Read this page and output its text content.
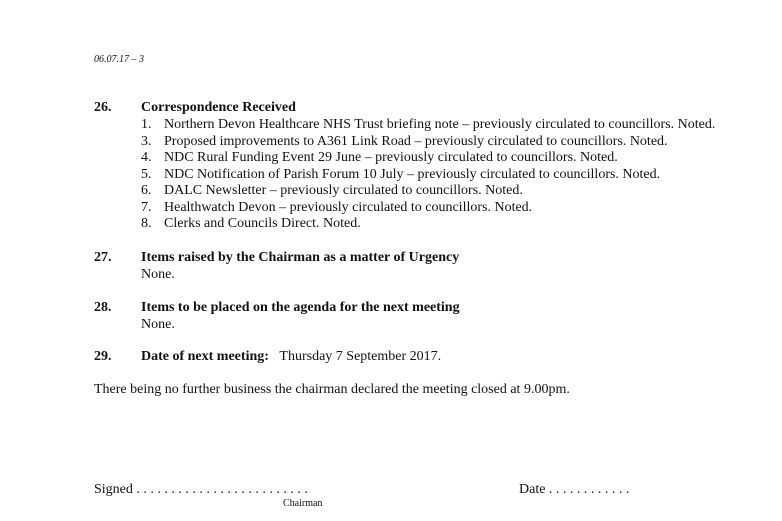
06.07.17 – 3
26. Correspondence Received
1. Northern Devon Healthcare NHS Trust briefing note – previously circulated to councillors. Noted.
3. Proposed improvements to A361 Link Road – previously circulated to councillors. Noted.
4. NDC Rural Funding Event 29 June – previously circulated to councillors. Noted.
5. NDC Notification of Parish Forum 10 July – previously circulated to councillors. Noted.
6. DALC Newsletter – previously circulated to councillors. Noted.
7. Healthwatch Devon – previously circulated to councillors. Noted.
8. Clerks and Councils Direct. Noted.
27. Items raised by the Chairman as a matter of Urgency
None.
28. Items to be placed on the agenda for the next meeting
None.
29. Date of next meeting: Thursday 7 September 2017.
There being no further business the chairman declared the meeting closed at 9.00pm.
Signed . . . . . . . . . . . . . . . . . . . . . . . . .
Chairman
Date . . . . . . . . . . . .
